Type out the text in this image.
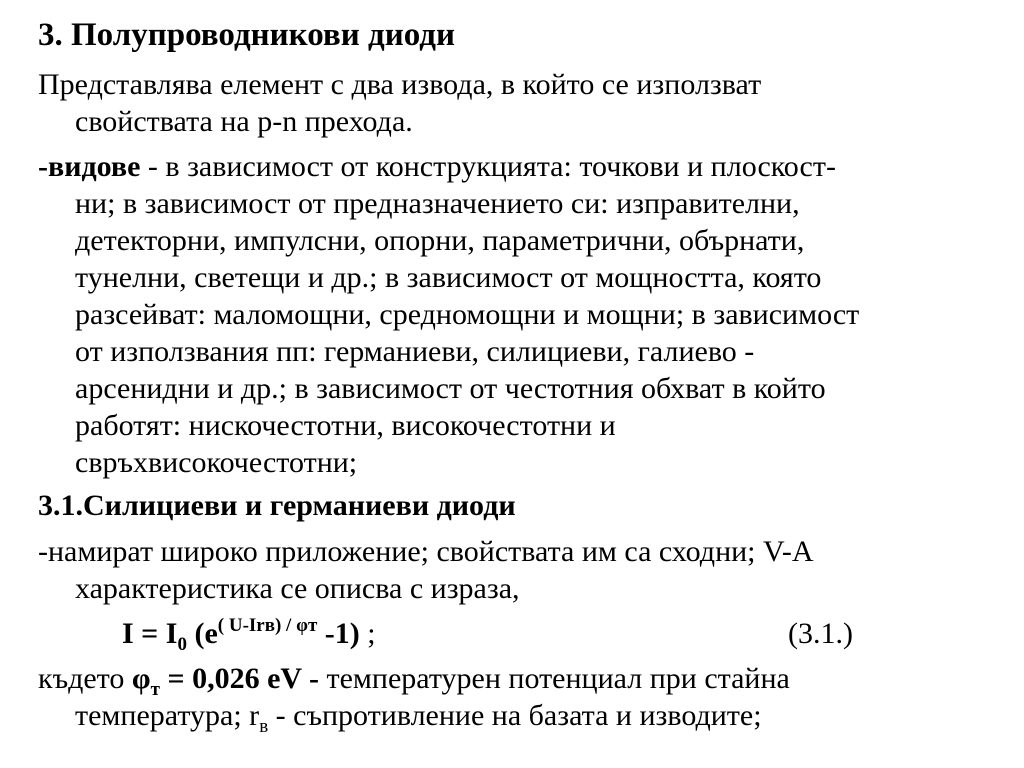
3. Полупроводникови диоди
Представлява елемент с два извода, в който се използват
свойствата на p-n прехода.
-видове - в зависимост от конструкцията: точкови и плоскост-
ни; в зависимост от предназначението си: изправителни,
детекторни, импулсни, опорни, параметрични, обърнати,
тунелни, светещи и др.; в зависимост от мощността, която
разсейват: маломощни, средномощни и мощни; в зависимост
от използвания пп: германиеви, силициеви, галиево -
арсенидни и др.; в зависимост от честотния обхват в който
работят: нискочестотни, високочестотни и
свръхвисокочестотни;
3.1.Силициеви и германиеви диоди
-намират широко приложение; свойствата им са сходни; V-A
характеристика се описва с израза,
$I = I_0$ ($e^{( U-Irв) / \varphi т}$ -1) ;	(3.1.)
където $\varphi_т = 0,026$ eV - температурен потенциал при стайна
температура; $r_в$ - съпротивление на базата и изводите;
